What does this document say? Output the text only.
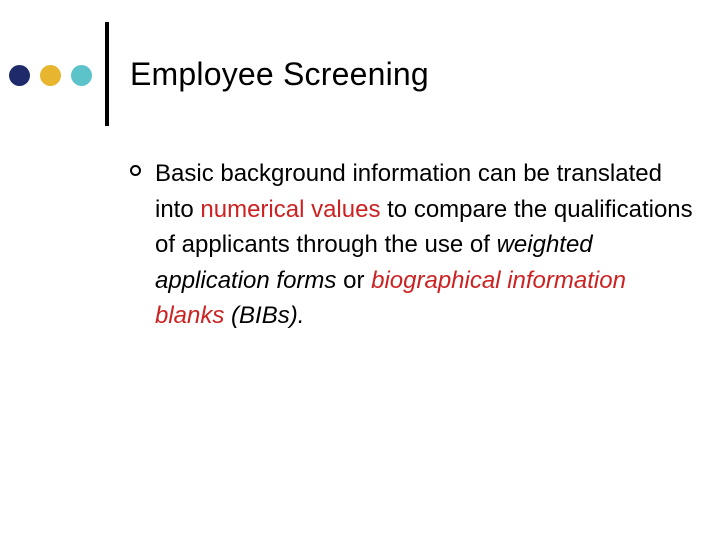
Employee Screening
Basic background information can be translated into numerical values to compare the qualifications of applicants through the use of weighted application forms or biographical information blanks (BIBs).
